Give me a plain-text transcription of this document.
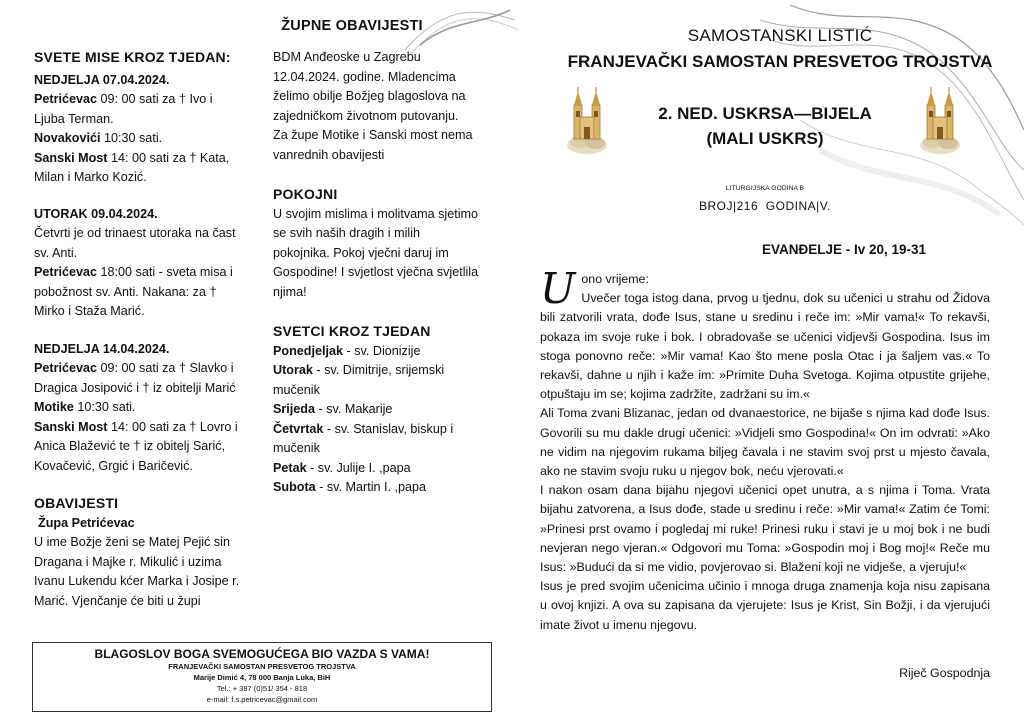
SVETE MISE KROZ TJEDAN:
NEDJELJA 07.04.2024.

Petrićevac 09: 00 sati za † Ivo i Ljuba Terman.

Novakovići 10:30 sati.

Sanski Most 14: 00 sati za † Kata, Milan i Marko Kozić.

UTORAK 09.04.2024.

Četvrti je od trinaest utoraka na čast sv. Anti.

Petrićevac 18:00 sati - sveta misa i pobožnost sv. Anti. Nakana: za † Mirko i Staža Marić.

NEDJELJA 14.04.2024.

Petrićevac 09: 00 sati za † Slavko i Dragica Josipović i † iz obitelji Marić

Motike 10:30 sati.

Sanski Most 14: 00 sati za † Lovro i Anica Blažević te † iz obitelj Sarić, Kovačević, Grgić i Baričević.

OBAVIJESTI
Župa Petrićevac

U ime Božje ženi se Matej Pejić sin Dragana i Majke r. Mikulić i uzima Ivanu Lukendu kćer Marka i Josipe r. Marić. Vjenčanje će biti u župi

ŽUPNE OBAVIJESTI

BDM Anđeoske u Zagrebu 12.04.2024. godine. Mladencima želimo obilje Božjeg blagoslova na zajedničkom životnom putovanju.

Za župe Motike i Sanski most nema vanrednih obavijesti

POKOJNI

U svojim mislima i molitvama sjetimo se svih naših dragih i milih pokojnika. Pokoj vječni daruj im Gospodine! I svjetlost vječna svjetlila njima!

SVETCI KROZ TJEDAN

Ponedjeljak - sv. Dionizije

Utorak - sv. Dimitrije, srijemski mučenik

Srijeda - sv. Makarije

Četvrtak - sv. Stanislav, biskup i mučenik

Petak - sv. Julije I. ,papa

Subota - sv. Martin I. ,papa

BLAGOSLOV BOGA SVEMOGUĆEGA BIO VAZDA S VAMA!
FRANJEVAČKI SAMOSTAN PRESVETOG TROJSTVA
Marije Dimić 4, 78 000 Banja Luka, BiH
Tel.: + 387 (0)51/ 354 - 818
e-mail: f.s.petricevac@gmail.com
SAMOSTANSKI LISTIĆ
FRANJEVAČKI SAMOSTAN PRESVETOG TROJSTVA
2. NED. USKRSA—BIJELA
(MALI USKRS)
LITURGIJSKA GODINA B
BROJ|216  GODINA|V.
EVANĐELJE - Iv 20, 19-31
U ono vrijeme:
Uvečer toga istog dana, prvog u tjednu, dok su učenici u strahu od Židova bili zatvorili vrata, dođe Isus, stane u sredinu i reče im: »Mir vama!« To rekavši, pokaza im svoje ruke i bok. I obradovaše se učenici vidjevši Gospodina. Isus im stoga ponovno reče: »Mir vama! Kao što mene posla Otac i ja šaljem vas.« To rekavši, dahne u njih i kaže im: »Primite Duha Svetoga. Kojima otpustite grijehe, otpuštaju im se; kojima zadržite, zadržani su im.«

Ali Toma zvani Blizanac, jedan od dvanaestorice, ne bijaše s njima kad dođe Isus. Govorili su mu dakle drugi učenici: »Vidjeli smo Gospodina!« On im odvrati: »Ako ne vidim na njegovim rukama biljeg čavala i ne stavim svoj prst u mjesto čavala, ako ne stavim svoju ruku u njegov bok, neću vjerovati.«

I nakon osam dana bijahu njegovi učenici opet unutra, a s njima i Toma. Vrata bijahu zatvorena, a Isus dođe, stade u sredinu i reče: »Mir vama!« Zatim će Tomi: »Prinesi prst ovamo i pogledaj mi ruke! Prinesi ruku i stavi je u moj bok i ne budi nevjeran nego vjeran.« Odgovori mu Toma: »Gospodin moj i Bog moj!« Reče mu Isus: »Budući da si me vidio, povjerovao si. Blaženi koji ne vidješe, a vjeruju!«

Isus je pred svojim učenicima učinio i mnoga druga znamenja koja nisu zapisana u ovoj knjizi. A ova su zapisana da vjerujete: Isus je Krist, Sin Božji, i da vjerujući imate život u imenu njegovu.

Riječ Gospodnja
